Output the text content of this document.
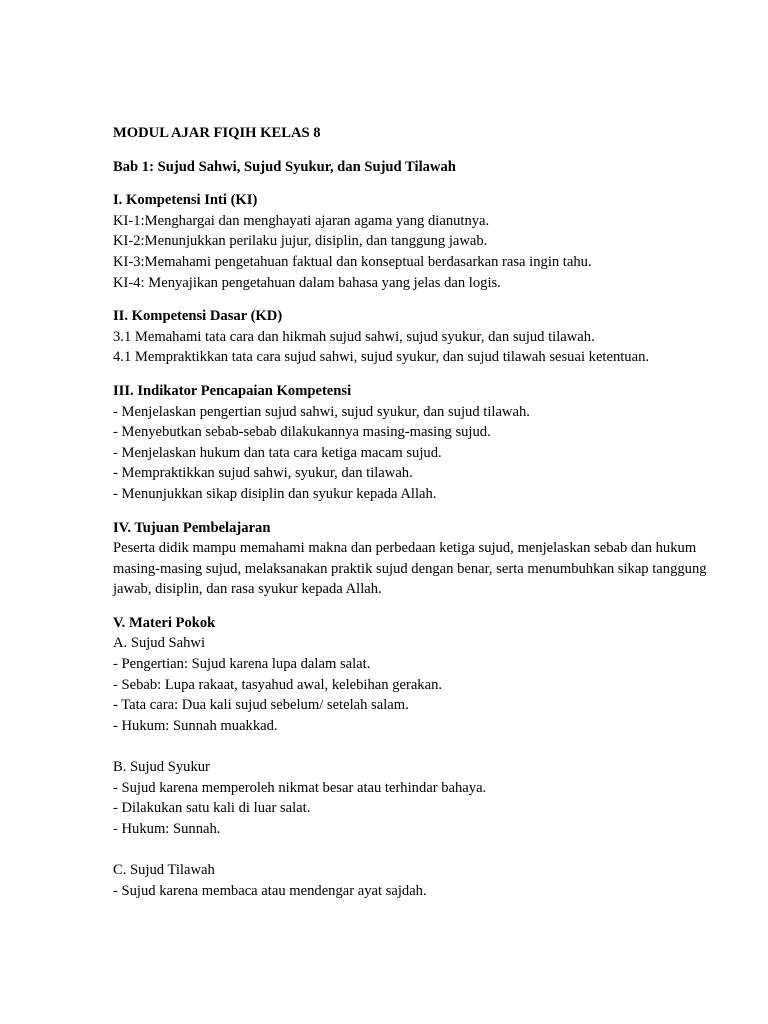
MODUL AJAR FIQIH KELAS 8

Bab 1: Sujud Sahwi, Sujud Syukur, dan Sujud Tilawah

I. Kompetensi Inti (KI)

KI-1:Menghargai dan menghayati ajaran agama yang dianutnya.

KI-2:Menunjukkan perilaku jujur, disiplin, dan tanggung jawab.

KI-3:Memahami pengetahuan faktual dan konseptual berdasarkan rasa ingin tahu.

KI-4: Menyajikan pengetahuan dalam bahasa yang jelas dan logis.

II. Kompetensi Dasar (KD)

3.1 Memahami tata cara dan hikmah sujud sahwi, sujud syukur, dan sujud tilawah.

4.1 Mempraktikkan tata cara sujud sahwi, sujud syukur, dan sujud tilawah sesuai ketentuan.

III. Indikator Pencapaian Kompetensi

- Menjelaskan pengertian sujud sahwi, sujud syukur, dan sujud tilawah.

- Menyebutkan sebab-sebab dilakukannya masing-masing sujud.

- Menjelaskan hukum dan tata cara ketiga macam sujud.

- Mempraktikkan sujud sahwi, syukur, dan tilawah.

- Menunjukkan sikap disiplin dan syukur kepada Allah.

IV. Tujuan Pembelajaran

Peserta didik mampu memahami makna dan perbedaan ketiga sujud, menjelaskan sebab dan hukum masing-masing sujud, melaksanakan praktik sujud dengan benar, serta menumbuhkan sikap tanggung jawab, disiplin, dan rasa syukur kepada Allah.

V. Materi Pokok

A. Sujud Sahwi

- Pengertian: Sujud karena lupa dalam salat.

- Sebab: Lupa rakaat, tasyahud awal, kelebihan gerakan.

- Tata cara: Dua kali sujud sebelum/ setelah salam.

- Hukum: Sunnah muakkad.

B. Sujud Syukur

- Sujud karena memperoleh nikmat besar atau terhindar bahaya.

- Dilakukan satu kali di luar salat.

- Hukum: Sunnah.

C. Sujud Tilawah

- Sujud karena membaca atau mendengar ayat sajdah.
